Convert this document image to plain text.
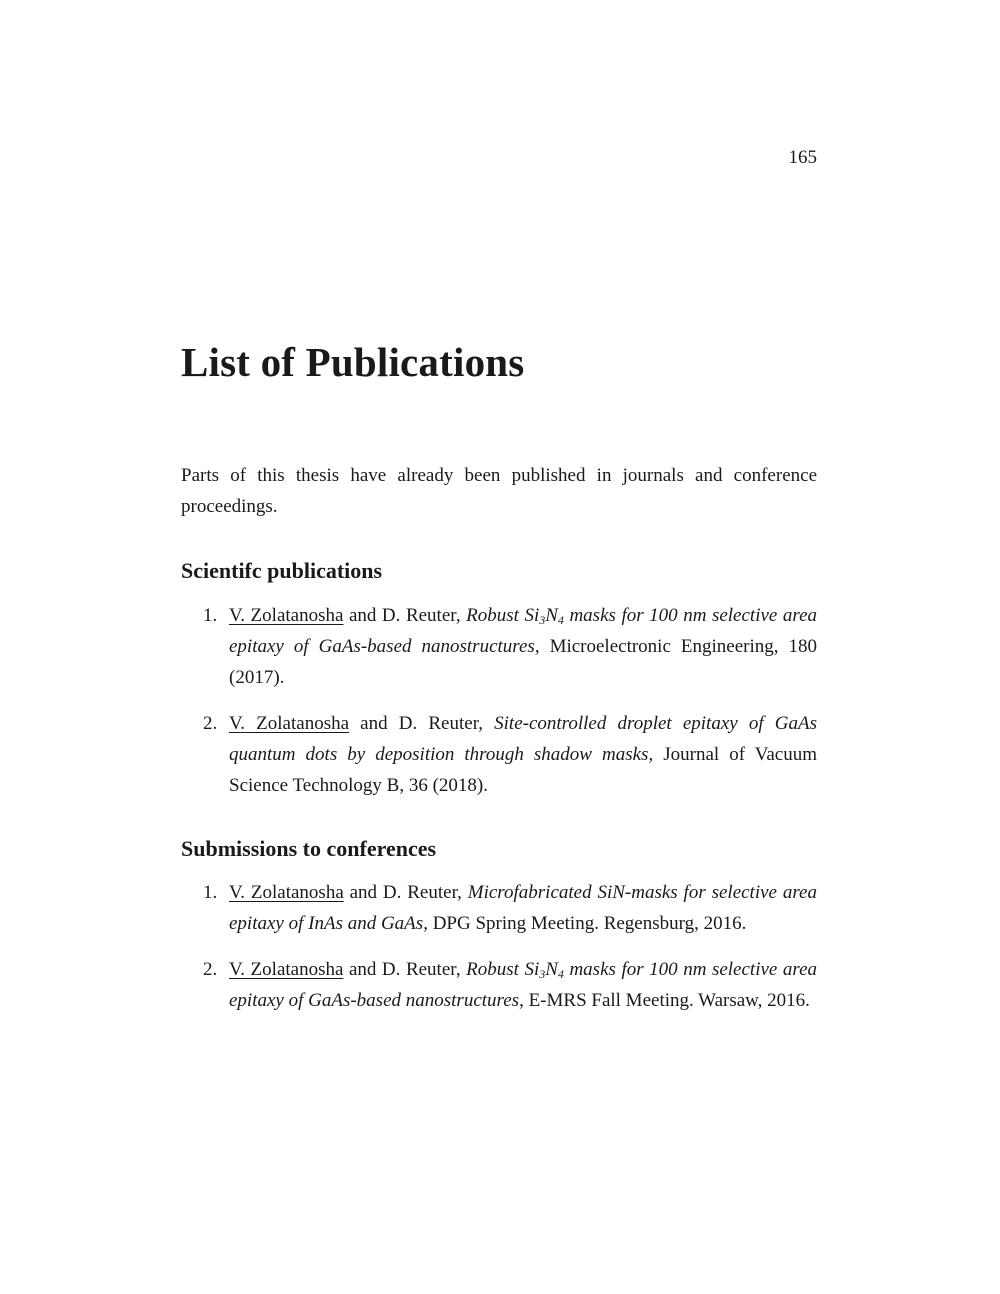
165
List of Publications

Parts of this thesis have already been published in journals and conference proceedings.

Scientifc publications
1. V. Zolatanosha and D. Reuter, Robust $Si_3N_4$ masks for 100 nm selective area epitaxy of GaAs-based nanostructures, Microelectronic Engineering, 180 (2017).
2. V. Zolatanosha and D. Reuter, Site-controlled droplet epitaxy of GaAs quantum dots by deposition through shadow masks, Journal of Vacuum Science Technology B, 36 (2018).
Submissions to conferences
1. V. Zolatanosha and D. Reuter, Microfabricated SiN-masks for selective area epitaxy of InAs and GaAs, DPG Spring Meeting. Regensburg, 2016.
2. V. Zolatanosha and D. Reuter, Robust $Si_3N_4$ masks for 100 nm selective area epitaxy of GaAs-based nanostructures, E-MRS Fall Meeting. Warsaw, 2016.
